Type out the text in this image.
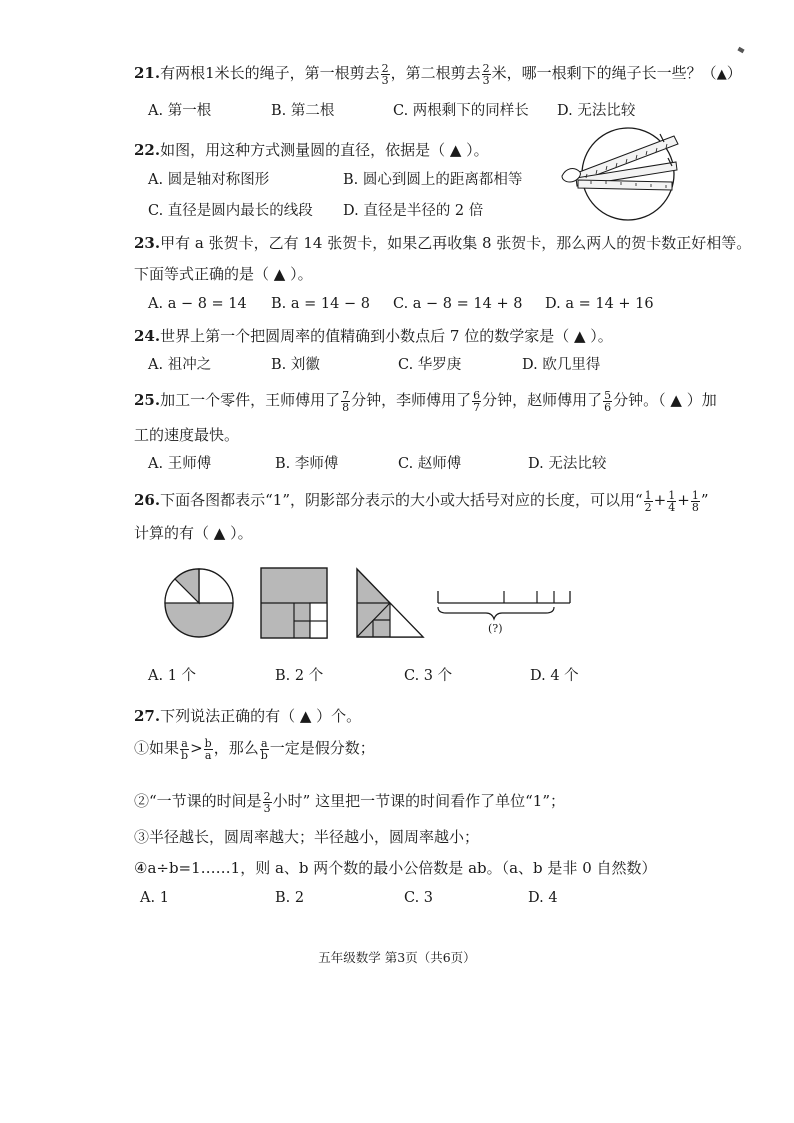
21.有两根1米长的绳子，第一根剪去 $\frac{2}{3}$ ，第二根剪去 $\frac{2}{3}$ 米，哪一根剩下的绳子长一些？（▲）
A. 第一根	B. 第二根	C. 两根剩下的同样长 D. 无法比较
22.如图，用这种方式测量圆的直径，依据是（ ▲ ）。
A. 圆是轴对称图形	B. 圆心到圆上的距离都相等
C. 直径是圆内最长的线段 D. 直径是半径的 2 倍
23.甲有 a 张贺卡，乙有 14 张贺卡，如果乙再收集 8 张贺卡，那么两人的贺卡数正好相等。
下面等式正确的是（ ▲ ）。
A. a − 8 = 14 B. a = 14 − 8 C. a − 8 = 14 + 8 D. a = 14 + 16
24.世界上第一个把圆周率的值精确到小数点后 7 位的数学家是（ ▲ ）。
A. 祖冲之	B. 刘徽	C. 华罗庚	D. 欧几里得
25.加工一个零件，王师傅用了 $\frac{7}{8}$ 分钟，李师傅用了 $\frac{6}{7}$ 分钟，赵师傅用了 $\frac{5}{6}$ 分钟。（ ▲ ）加
工的速度最快。
A. 王师傅	B. 李师傅	C. 赵师傅	D. 无法比较
26.下面各图都表示“1”，阴影部分表示的大小或大括号对应的长度，可以用“ $\frac{1}{2} + \frac{1}{4} + \frac{1}{8}$ ”
计算的有（ ▲ ）。
(?)
A. 1 个	B. 2 个	C. 3 个	D. 4 个
27.下列说法正确的有（ ▲ ）个。
①如果 $\frac{a}{b} > \frac{b}{a}$ ，那么 $\frac{a}{b}$ 一定是假分数；
②“一节课的时间是 $\frac{2}{3}$ 小时” 这里把一节课的时间看作了单位“1”；
③半径越长，圆周率越大；半径越小，圆周率越小；
④a÷b=1……1，则 a、b 两个数的最小公倍数是 ab。（a、b 是非 0 自然数）
A. 1	B. 2	C. 3	D. 4
五年级数学 第3页（共6页）
